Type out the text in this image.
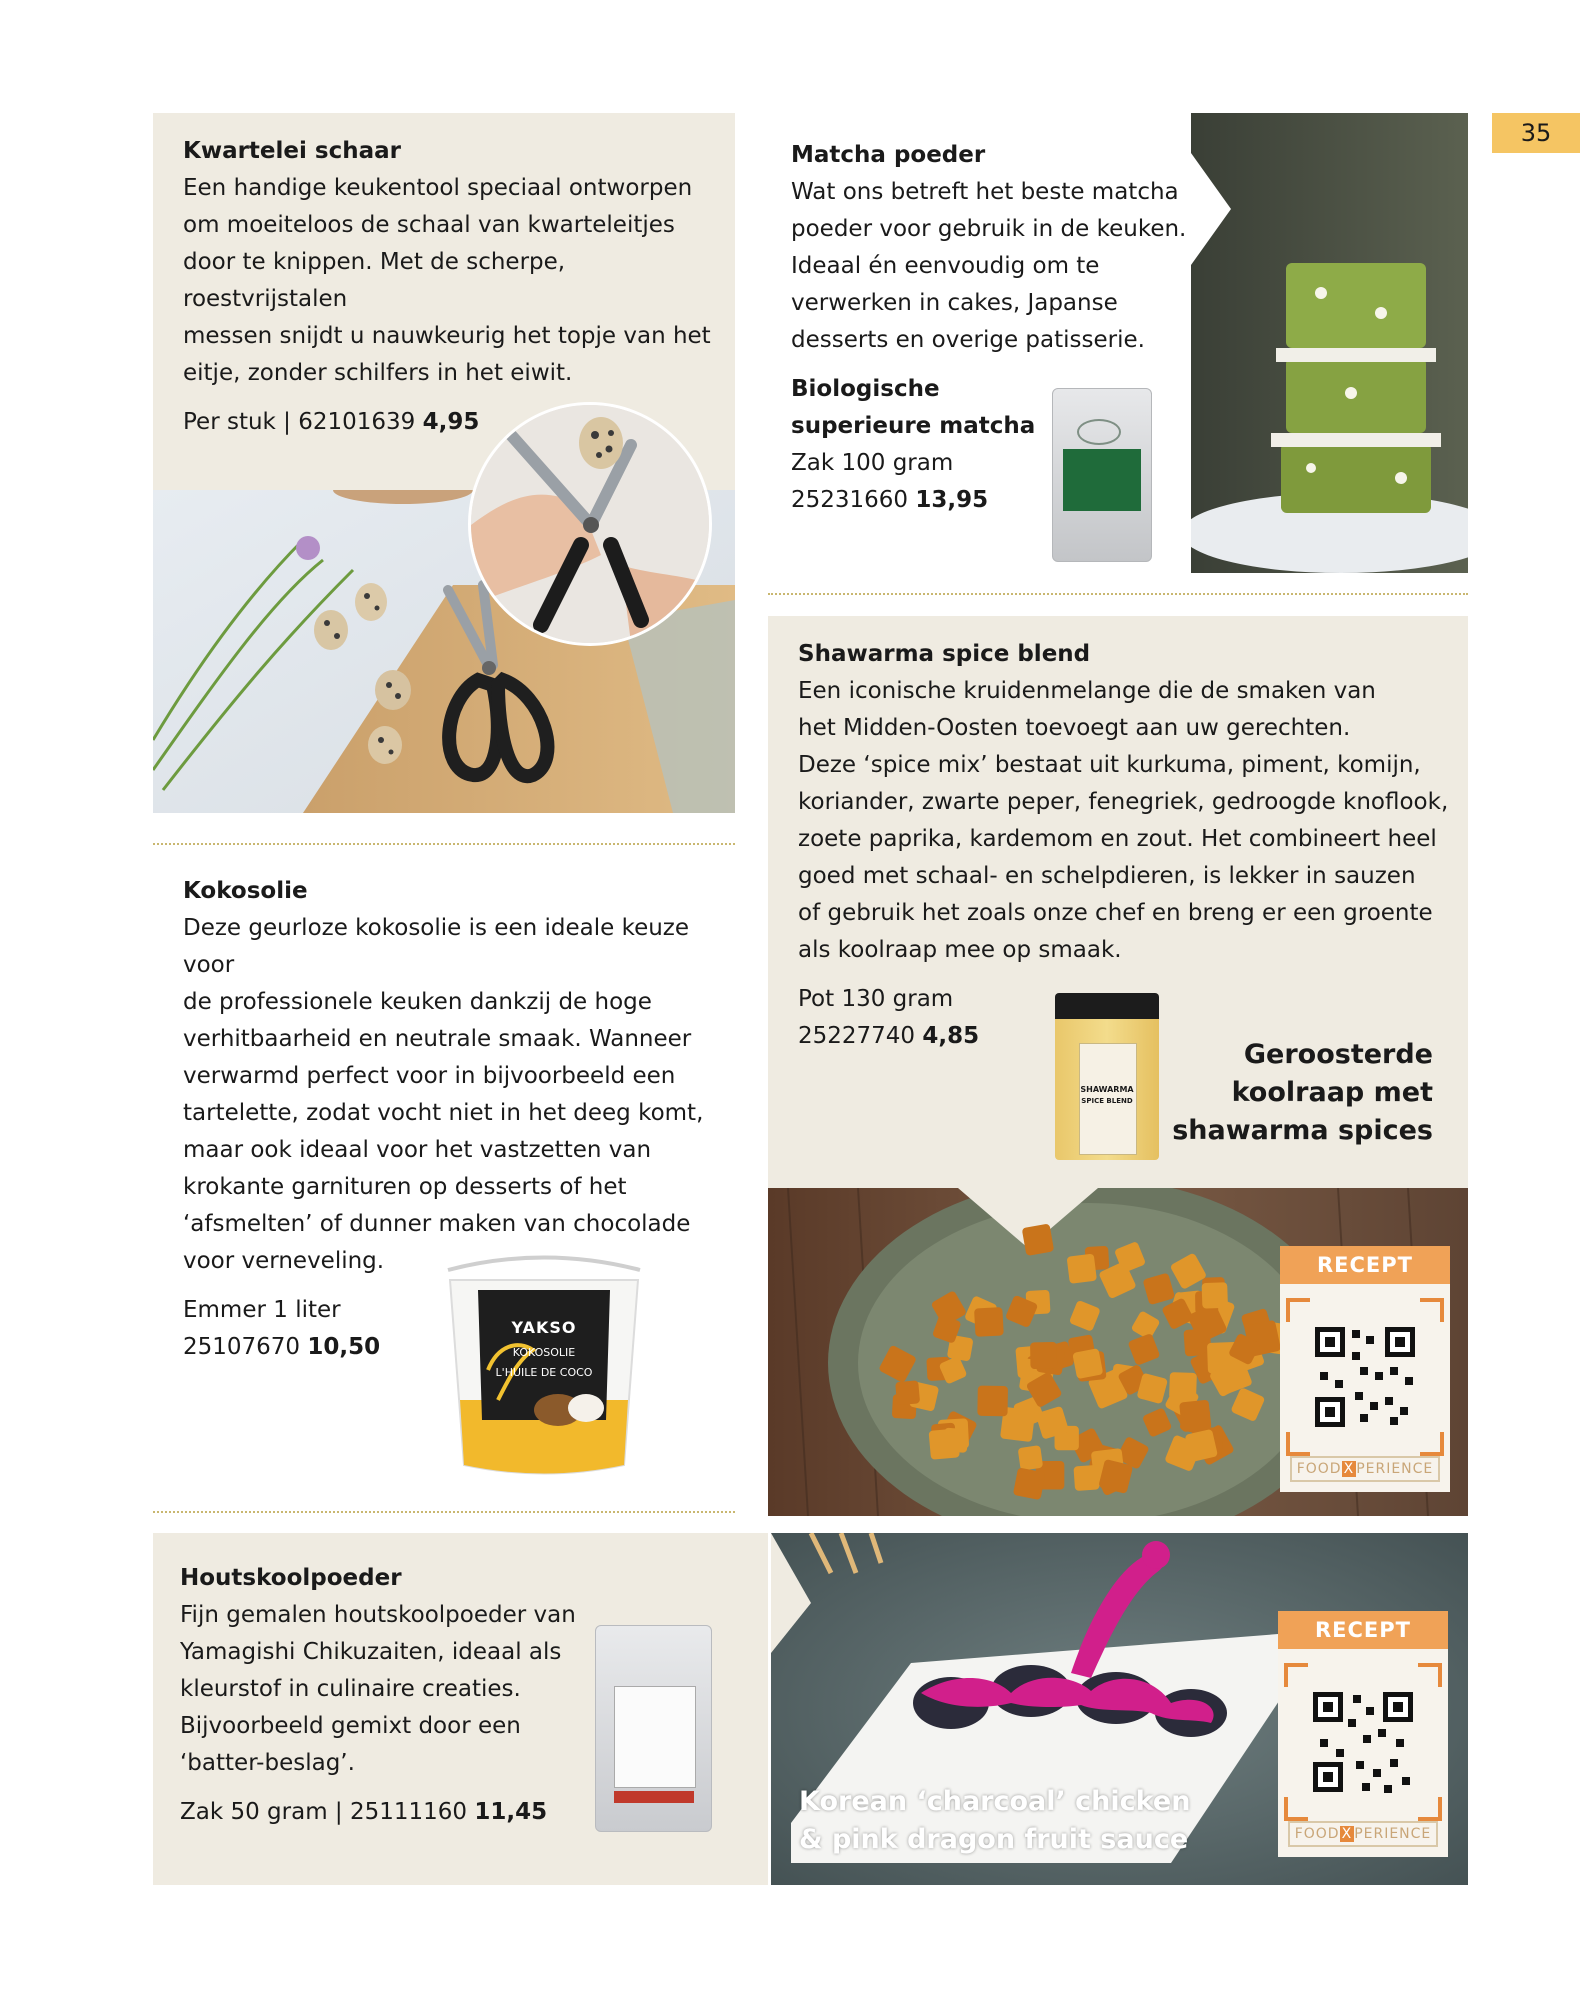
35
Kwartelei schaar
Een handige keukentool speciaal ontworpen
om moeiteloos de schaal van kwarteleitjes
door te knippen. Met de scherpe, roestvrijstalen
messen snijdt u nauwkeurig het topje van het
eitje, zonder schilfers in het eiwit.
Per stuk | 62101639 4,95
Kokosolie
Deze geurloze kokosolie is een ideale keuze voor
de professionele keuken dankzij de hoge
verhitbaarheid en neutrale smaak. Wanneer
verwarmd perfect voor in bijvoorbeeld een
tartelette, zodat vocht niet in het deeg komt,
maar ook ideaal voor het vastzetten van
krokante garnituren op desserts of het
‘afsmelten’ of dunner maken van chocolade
voor verneveling.
Emmer 1 liter
25107670 10,50
YAKSO
KOKOSOLIE
L'HUILE DE COCO
Houtskoolpoeder
Fijn gemalen houtskoolpoeder van
Yamagishi Chikuzaiten, ideaal als
kleurstof in culinaire creaties.
Bijvoorbeeld gemixt door een
‘batter-beslag’.
Zak 50 gram | 25111160 11,45
Matcha poeder
Wat ons betreft het beste matcha
poeder voor gebruik in de keuken.
Ideaal én eenvoudig om te
verwerken in cakes, Japanse
desserts en overige patisserie.
Biologische
superieure matcha
Zak 100 gram
25231660 13,95
Shawarma spice blend
Een iconische kruidenmelange die de smaken van
het Midden-Oosten toevoegt aan uw gerechten.
Deze ‘spice mix’ bestaat uit kurkuma, piment, komijn,
koriander, zwarte peper, fenegriek, gedroogde knoflook,
zoete paprika, kardemom en zout. Het combineert heel
goed met schaal- en schelpdieren, is lekker in sauzen
of gebruik het zoals onze chef en breng er een groente
als koolraap mee op smaak.
Pot 130 gram
25227740 4,85
SHAWARMA
SPICE BLEND
Geroosterde
koolraap met
shawarma spices
RECEPT
FOOD X PERIENCE
Korean ‘charcoal’ chicken
& pink dragon fruit sauce
RECEPT
FOOD X PERIENCE
